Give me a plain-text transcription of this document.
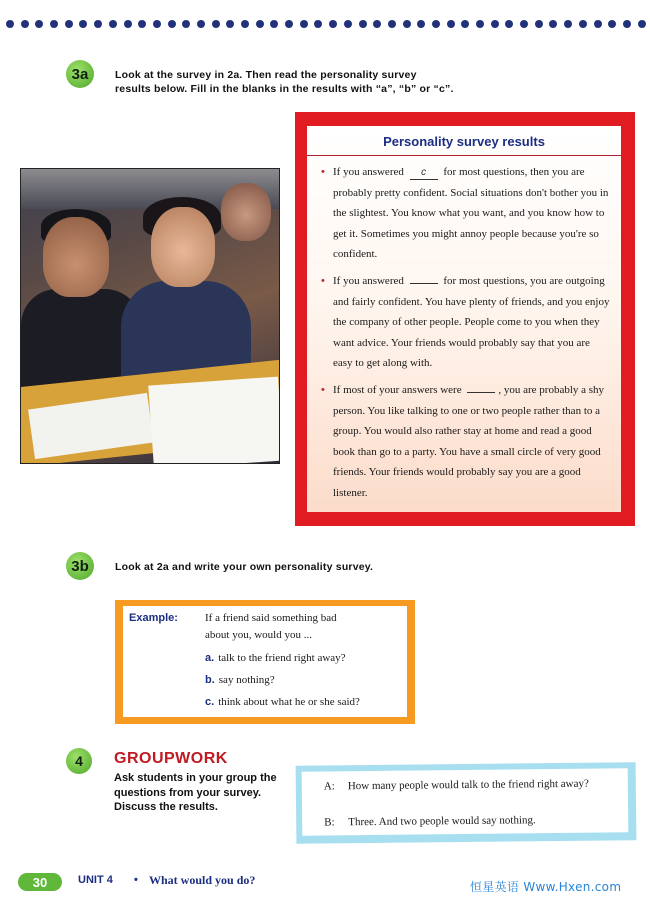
3a	Look at the survey in 2a. Then read the personality survey
results below. Fill in the blanks in the results with “a”, “b” or “c”.
Personality survey results
• If you answered c for most questions, then you are probably pretty confident. Social situations don't bother you in the slightest. You know what you want, and you know how to get it. Sometimes you might annoy people because you're so confident.
• If you answered	for most questions, you are outgoing and fairly confident. You have plenty of friends, and you enjoy the company of other people. People come to you when they want advice. Your friends would probably say that you are easy to get along with.
• If most of your answers were	, you are probably a shy person. You like talking to one or two people rather than to a group. You would also rather stay at home and read a good book than go to a party. You have a small circle of very good friends. Your friends would probably say you are a good listener.
3b	Look at 2a and write your own personality survey.
Example: If a friend said something bad
about you, would you ...
a. talk to the friend right away?
b. say nothing?
c. think about what he or she said?
4	GROUPWORK
Ask students in your group the questions from your survey. Discuss the results.
A: How many people would talk to the friend right away?
B: Three. And two people would say nothing.
30	UNIT 4 • What would you do?	恒星英语 Www.Hxen.com
